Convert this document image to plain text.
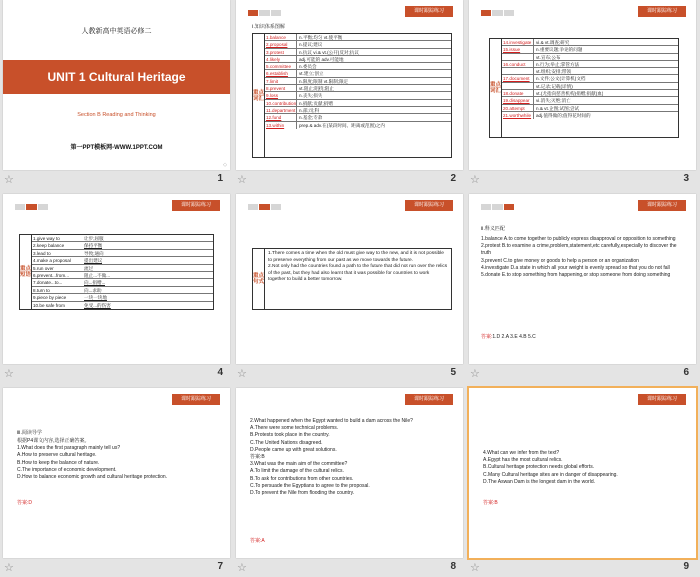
人教新高中英语必修二
UNIT 1 Cultural Heritage
Section B Reading and Thinking
第一PPT模板网-WWW.1PPT.COM
◇
☆	1
课时跟踪练习
Ⅰ.知识体系图解
重点词汇
1.balance	n.平衡;均匀 vt.使平衡
2.proposal	n.提议;建议
3.protest	n.抗议 vi.& vt.(公开)反对;抗议
4.likely	adj.可能的 adv.可能地
5.committee	n.委员会
6.establish	vt.建立;创立
7.limit	n.限度;限制 vt.限制;限定
8.prevent	vt.阻止;阻挠;阻止
9.loss	n.丧失;损失
10.contribution n.捐献;贡献;捐赠
11.department n.部;司;科
12.fund	n.基金;专款
13.within	prep.& adv.在(某段时间、距离或范围)之内
☆	2
课时跟踪练习
重点词汇
14.investigate	vi.& vt.调查;研究
15.issue	n.重要议题;争论的问题
vt.宣布;公布
16.conduct	n.行为;举止;掌管方法
vt.组织;安排;带领
17.document	n.文件;公文(计算机)文档
vt.记录;记载(详情)
18.donate	vt.(尤指向慈善机构)捐赠;捐献(血)
19.disappear	vi.消失;灭绝;消亡
20.attempt	n.& vt.企图;试图;尝试
21.worthwhile	adj.值得做的;值得花时间的
☆	3
课时跟踪练习
重点短语
1.give way to	让步;屈服
2.keep balance	保持平衡
3.lead to	导致;通向
4.make a proposal	提出建议
5.run over	流过
6.prevent...from...	阻止...不做...
7.donate...to...	向...捐赠...
8.turn to	向...求助
9.piece by piece	一块一块地
10.be safe from	免受...的伤害
☆	4
课时跟踪练习
重点句式
1.There comes a time when the old must give way to the new, and it is not possible to preserve everything from our past as we move towards the future.
2.Not only had the countries found a path to the future that did not run over the relics of the past, but they had also learnt that it was possible for countries to work together to build a better tomorrow.
☆	5
课时跟踪练习
Ⅱ.释义匹配
1.balance A.to come together to publicly express disapproval or opposition to something
2.protest B.to examine a crime,problem,statement,etc carefully,especially to discover the truth
3.prevent C.to give money or goods to help a person or an organization
4.investigate D.a state in which all your weight is evenly spread so that you do not fall
5.donate E.to stop something from happening,or stop someone from doing something
答案:1.D 2.A 3.E 4.B 5.C
☆	6
课时跟踪练习
Ⅲ.阅读导学
根据P4课文内容,选择正确答案。
1.What does the first paragraph mainly tell us?
A.How to preserve cultural heritage.
B.How to keep the balance of nature.
C.The importance of economic development.
D.How to balance economic growth and cultural heritage protection.
答案:D
☆	7
课时跟踪练习
2.What happened when the Egypt wanted to build a dam across the Nile?
A.There were some technical problems.
B.Protests took place in the country.
C.The United Nations disagreed.
D.People came up with great solutions.
答案:B
3.What was the main aim of the committee?
A.To limit the damage of the cultural relics.
B.To ask for contributions from other countries.
C.To persuade the Egyptians to agree to the proposal.
D.To prevent the Nile from flooding the country.
答案:A
☆	8
课时跟踪练习
4.What can we infer from the text?
A.Egypt has the most cultural relics.
B.Cultural heritage protection needs global efforts.
C.Many Cultural heritage sites are in danger of disappearing.
D.The Aswan Dam is the longest dam in the world.
答案:B
☆	9
